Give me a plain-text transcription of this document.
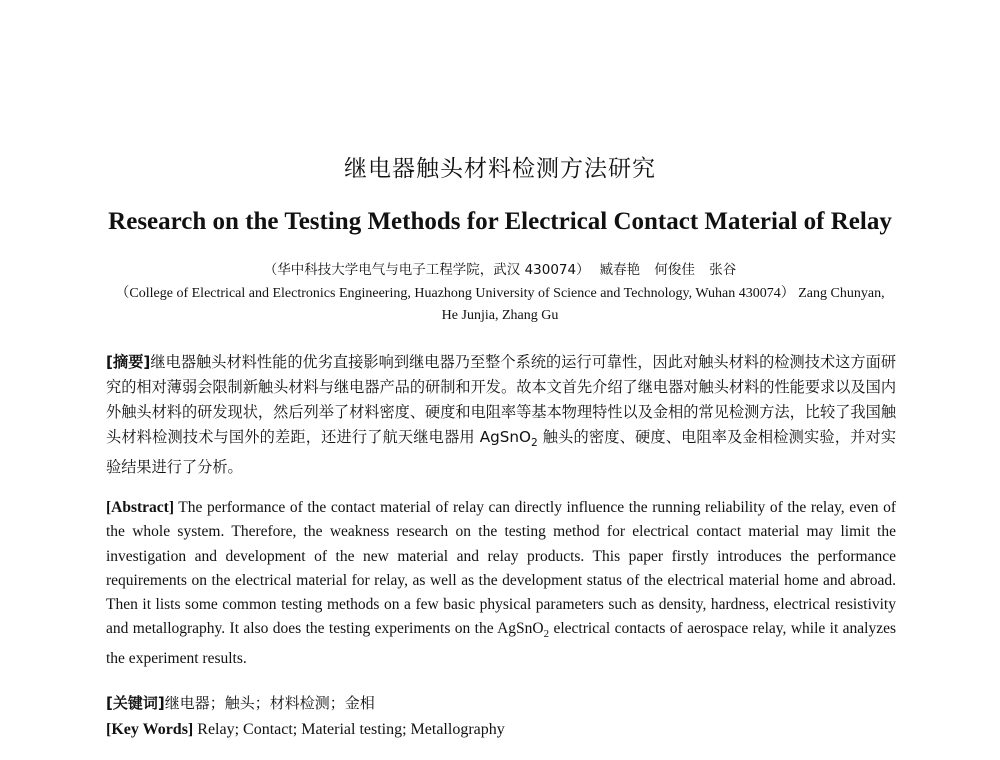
继电器触头材料检测方法研究
Research on the Testing Methods for Electrical Contact Material of Relay
（华中科技大学电气与电子工程学院，武汉 430074） 臧春艳 何俊佳 张谷
（College of Electrical and Electronics Engineering, Huazhong University of Science and Technology, Wuhan 430074） Zang Chunyan, He Junjia, Zhang Gu
[摘要]继电器触头材料性能的优劣直接影响到继电器乃至整个系统的运行可靠性，因此对触头材料的检测技术这方面研究的相对薄弱会限制新触头材料与继电器产品的研制和开发。故本文首先介绍了继电器对触头材料的性能要求以及国内外触头材料的研发现状，然后列举了材料密度、硬度和电阻率等基本物理特性以及金相的常见检测方法，比较了我国触头材料检测技术与国外的差距，还进行了航天继电器用 AgSnO$_2$ 触头的密度、硬度、电阻率及金相检测实验，并对实验结果进行了分析。
[Abstract] The performance of the contact material of relay can directly influence the running reliability of the relay, even of the whole system. Therefore, the weakness research on the testing method for electrical contact material may limit the investigation and development of the new material and relay products. This paper firstly introduces the performance requirements on the electrical material for relay, as well as the development status of the electrical material home and abroad. Then it lists some common testing methods on a few basic physical parameters such as density, hardness, electrical resistivity and metallography. It also does the testing experiments on the AgSnO$_2$ electrical contacts of aerospace relay, while it analyzes the experiment results.
[关键词]继电器；触头；材料检测；金相
[Key Words] Relay; Contact; Material testing; Metallography
